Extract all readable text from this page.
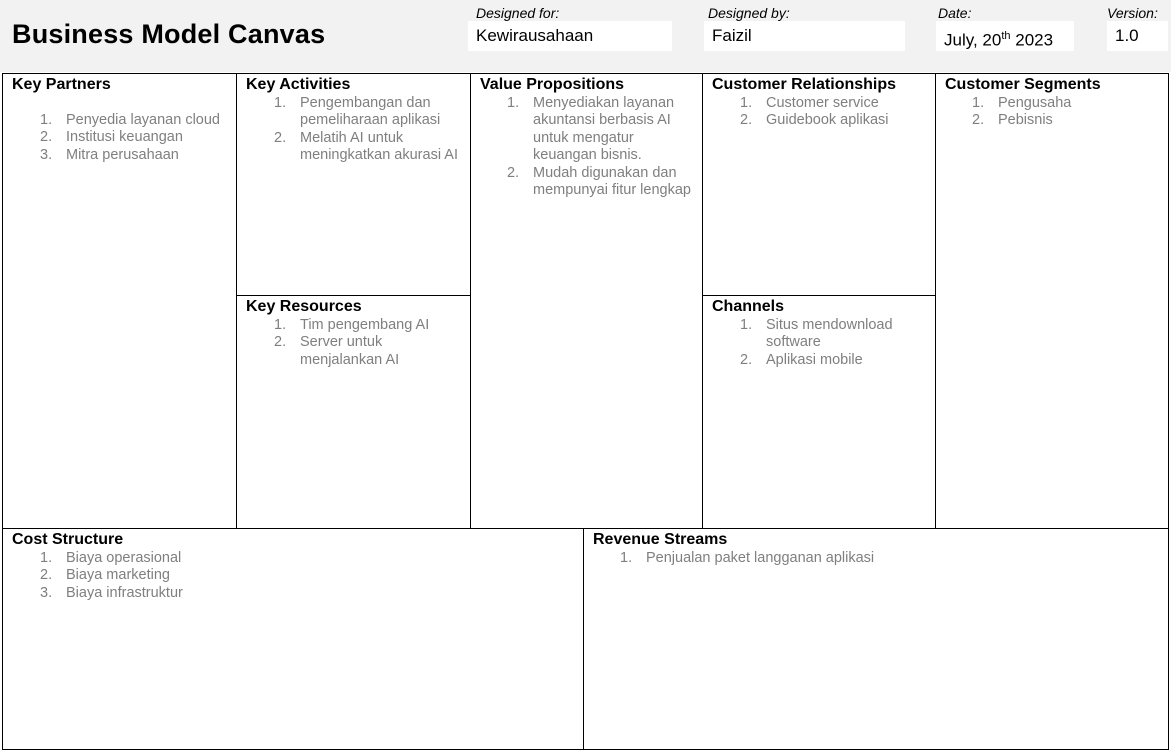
Business Model Canvas
Designed for:
Kewirausahaan
Designed by:
Faizil
Date:
July, 20th 2023
Version:
1.0
Key Partners
1. Penyedia layanan cloud
2. Institusi keuangan
3. Mitra perusahaan
Key Activities
1. Pengembangan dan pemeliharaan aplikasi
2. Melatih AI untuk meningkatkan akurasi AI
Key Resources
1. Tim pengembang AI
2. Server untuk menjalankan AI
Value Propositions
1. Menyediakan layanan akuntansi berbasis AI untuk mengatur keuangan bisnis.
2. Mudah digunakan dan mempunyai fitur lengkap
Customer Relationships
1. Customer service
2. Guidebook aplikasi
Channels
1. Situs mendownload software
2. Aplikasi mobile
Customer Segments
1. Pengusaha
2. Pebisnis
Cost Structure
1. Biaya operasional
2. Biaya marketing
3. Biaya infrastruktur
Revenue Streams
1. Penjualan paket langganan aplikasi
